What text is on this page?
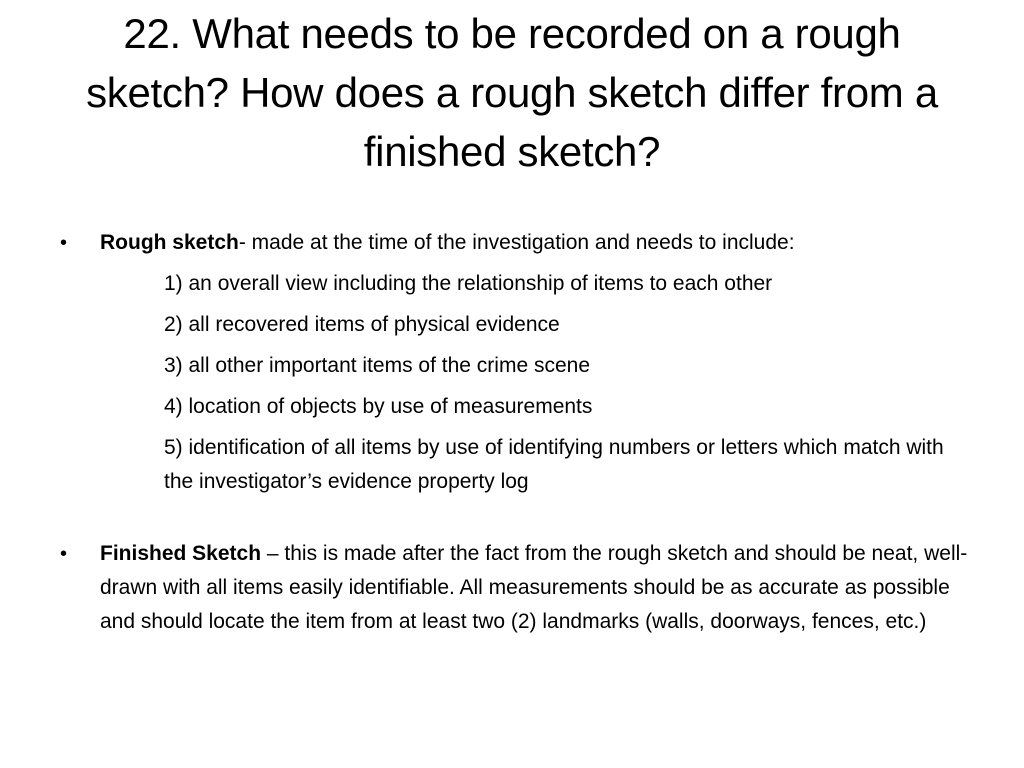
22. What needs to be recorded on a rough sketch? How does a rough sketch differ from a finished sketch?
• Rough sketch- made at the time of the investigation and needs to include:
1) an overall view including the relationship of items to each other
2) all recovered items of physical evidence
3) all other important items of the crime scene
4) location of objects by use of measurements
5) identification of all items by use of identifying numbers or letters which match with the investigator’s evidence property log
• Finished Sketch – this is made after the fact from the rough sketch and should be neat, well-drawn with all items easily identifiable. All measurements should be as accurate as possible and should locate the item from at least two (2) landmarks (walls, doorways, fences, etc.)
